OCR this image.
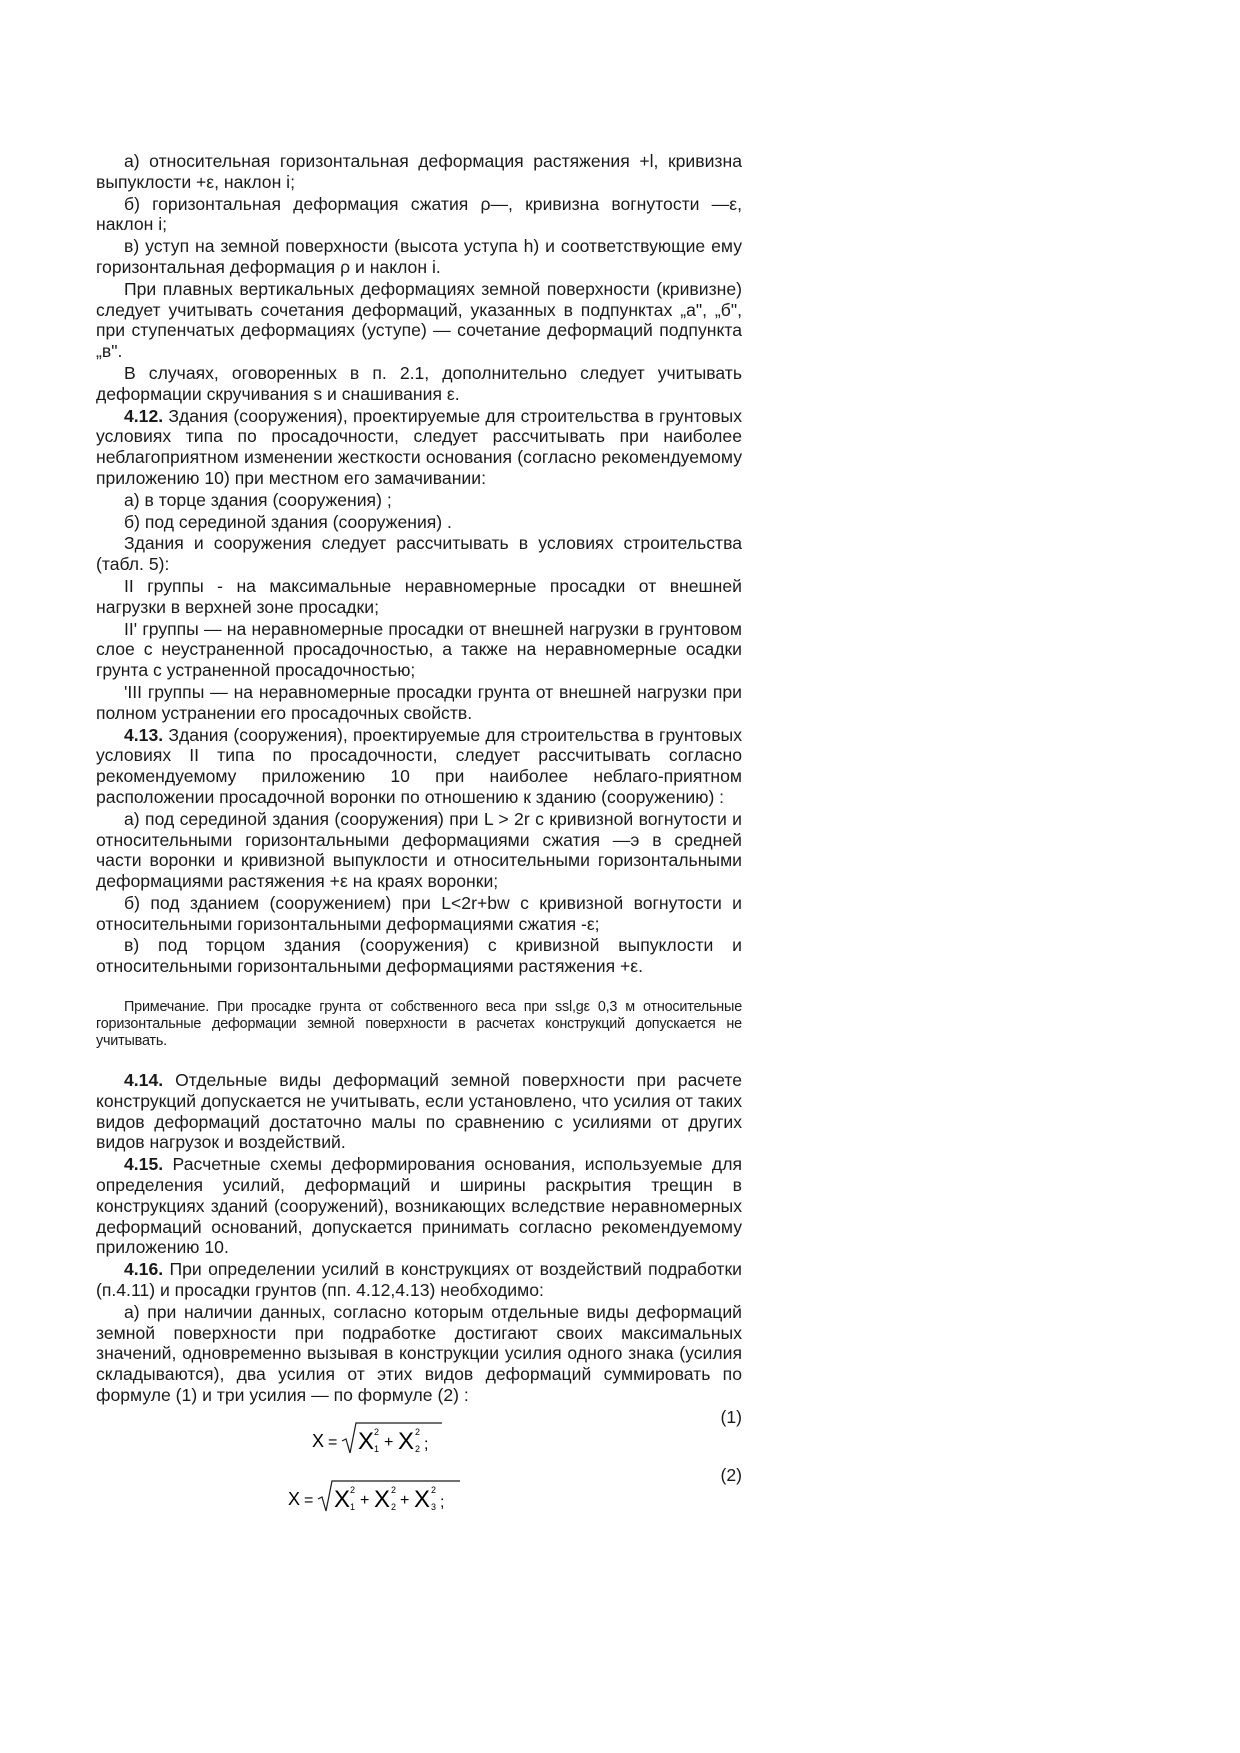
а) относительная горизонтальная деформация растяжения +l, кривизна выпуклости +ε, наклон i;

б) горизонтальная деформация сжатия ρ—, кривизна вогнутости —ε, наклон i;

в) уступ на земной поверхности (высота уступа h) и соответствующие ему горизонтальная деформация ρ и наклон i.

При плавных вертикальных деформациях земной поверхности (кривизне) следует учитывать сочетания деформаций, указанных в подпунктах „а", „б", при ступенчатых деформациях (уступе) — сочетание деформаций подпункта „в".

В случаях, оговоренных в п. 2.1, дополнительно следует учитывать деформации скручивания s и снашивания ε.

4.12. Здания (сооружения), проектируемые для строительства в грунтовых условиях типа по просадочности, следует рассчитывать при наиболее неблагоприятном изменении жесткости основания (согласно рекомендуемому приложению 10) при местном его замачивании:

а) в торце здания (сооружения) ;

б) под серединой здания (сооружения) .

Здания и сооружения следует рассчитывать в условиях строительства (табл. 5):

II группы - на максимальные неравномерные просадки от внешней нагрузки в верхней зоне просадки;

II' группы — на неравномерные просадки от внешней нагрузки в грунтовом слое с неустраненной просадочностью, а также на неравномерные осадки грунта с устраненной просадочностью;

'III группы — на неравномерные просадки грунта от внешней нагрузки при полном устранении его просадочных свойств.

4.13. Здания (сооружения), проектируемые для строительства в грунтовых условиях II типа по просадочности, следует рассчитывать согласно рекомендуемому приложению 10 при наиболее неблаго-приятном расположении просадочной воронки по отношению к зданию (сооружению) :

а) под серединой здания (сооружения) при L > 2r с кривизной вогнутости и относительными горизонтальными деформациями сжатия —э в средней части воронки и кривизной выпуклости и относительными горизонтальными деформациями растяжения +ε на краях воронки;

б) под зданием (сооружением) при L<2r+bw с кривизной вогнутости и относительными горизонтальными деформациями сжатия -ε;

в) под торцом здания (сооружения) с кривизной выпуклости и относительными горизонтальными деформациями растяжения +ε.

Примечание. При просадке грунта от собственного веса при ssl,gε 0,3 м относительные горизонтальные деформации земной поверхности в расчетах конструкций допускается не учитывать.

4.14. Отдельные виды деформаций земной поверхности при расчете конструкций допускается не учитывать, если установлено, что усилия от таких видов деформаций достаточно малы по сравнению с усилиями от других видов нагрузок и воздействий.

4.15. Расчетные схемы деформирования основания, используемые для определения усилий, деформаций и ширины раскрытия трещин в конструкциях зданий (сооружений), возникающих вследствие неравномерных деформаций оснований, допускается принимать согласно рекомендуемому приложению 10.

4.16. При определении усилий в конструкциях от воздействий подработки (п.4.11) и просадки грунтов (пп. 4.12,4.13) необходимо:

а) при наличии данных, согласно которым отдельные виды деформаций земной поверхности при подработке достигают своих максимальных значений, одновременно вызывая в конструкции усилия одного знака (усилия складываются), два усилия от этих видов деформаций суммировать по формуле (1) и три усилия — по формуле (2) :

(1)
X = X 2
1 + X 2
2 ;
(2)
X = X 2
1 + X 2
2 + X 2
3 ;
